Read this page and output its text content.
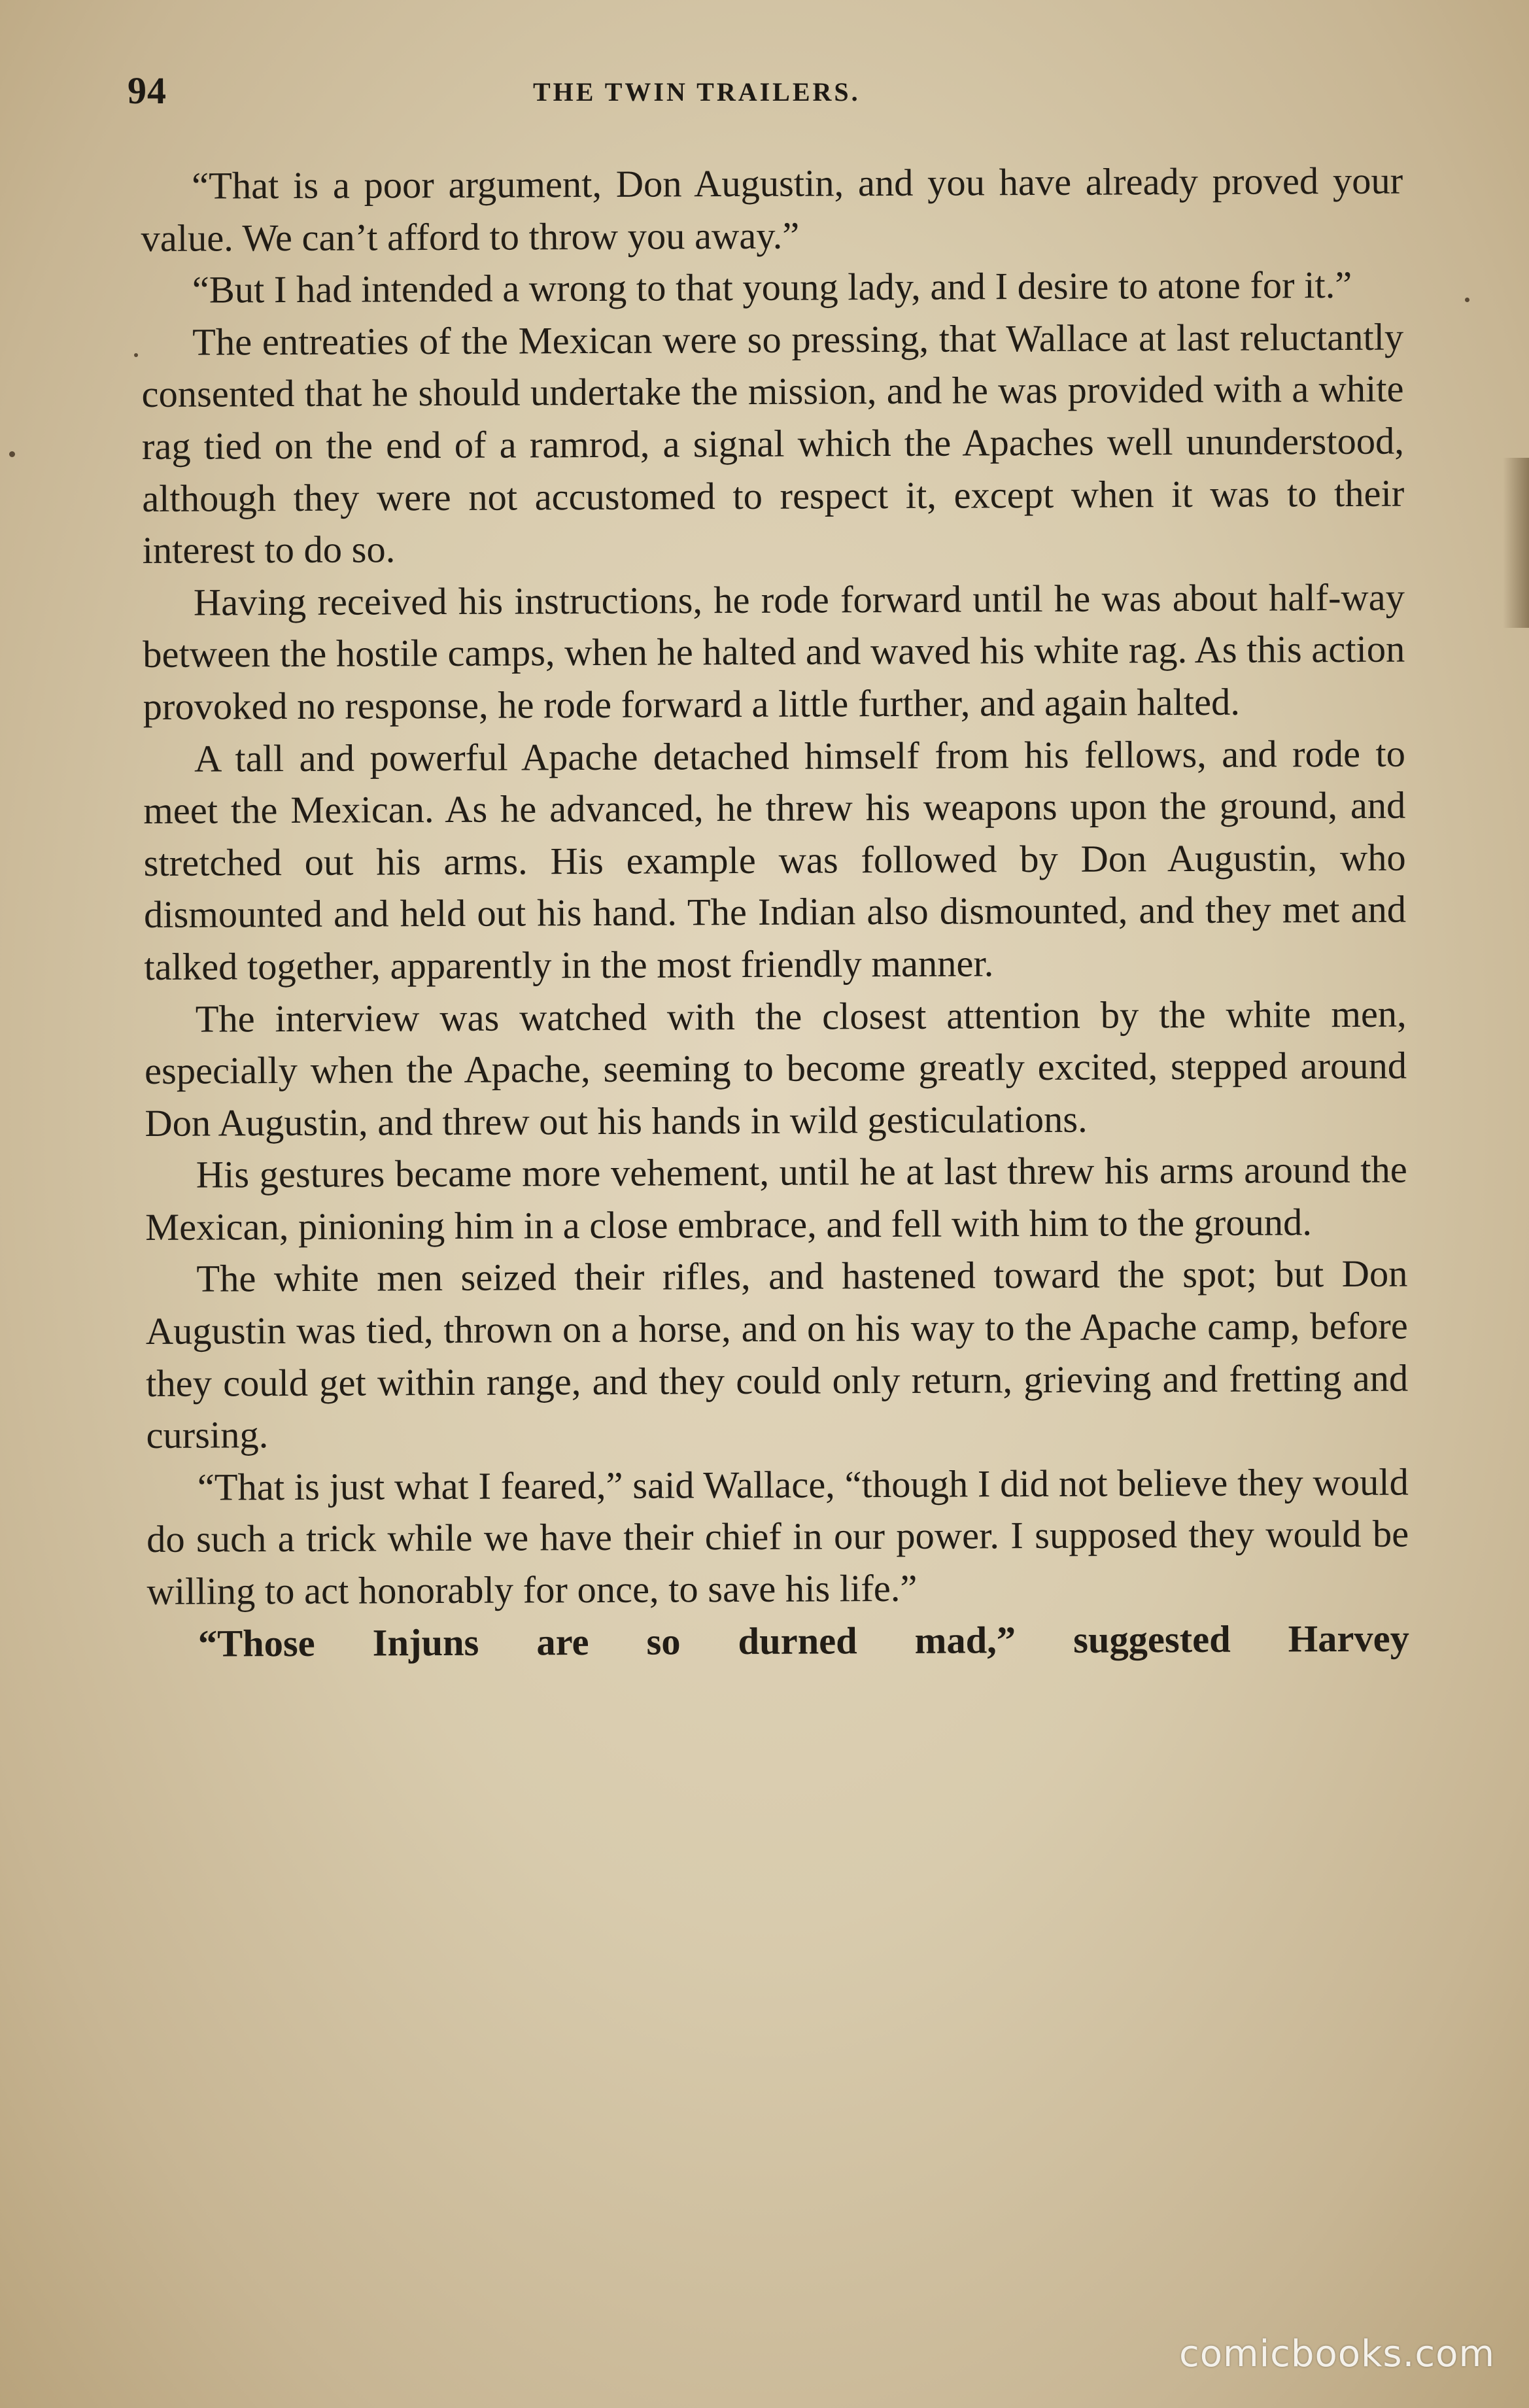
94	THE TWIN TRAILERS.

“That is a poor argument, Don Augustin, and you have already proved your value. We can’t afford to throw you away.”

“But I had intended a wrong to that young lady, and I desire to atone for it.”

The entreaties of the Mexican were so pressing, that Wallace at last reluctantly consented that he should undertake the mission, and he was provided with a white rag tied on the end of a ramrod, a signal which the Apaches well ununderstood, although they were not accustomed to respect it, except when it was to their interest to do so.

Having received his instructions, he rode forward until he was about half-way between the hostile camps, when he halted and waved his white rag. As this action provoked no response, he rode forward a little further, and again halted.

A tall and powerful Apache detached himself from his fellows, and rode to meet the Mexican. As he advanced, he threw his weapons upon the ground, and stretched out his arms. His example was followed by Don Augustin, who dismounted and held out his hand. The Indian also dismounted, and they met and talked together, apparently in the most friendly manner.

The interview was watched with the closest attention by the white men, especially when the Apache, seeming to become greatly excited, stepped around Don Augustin, and threw out his hands in wild gesticulations.

His gestures became more vehement, until he at last threw his arms around the Mexican, pinioning him in a close embrace, and fell with him to the ground.

The white men seized their rifles, and hastened toward the spot; but Don Augustin was tied, thrown on a horse, and on his way to the Apache camp, before they could get within range, and they could only return, grieving and fretting and cursing.

“That is just what I feared,” said Wallace, “though I did not believe they would do such a trick while we have their chief in our power. I supposed they would be willing to act honorably for once, to save his life.”

“Those Injuns are so durned mad,” suggested Harvey

comicbooks.com
